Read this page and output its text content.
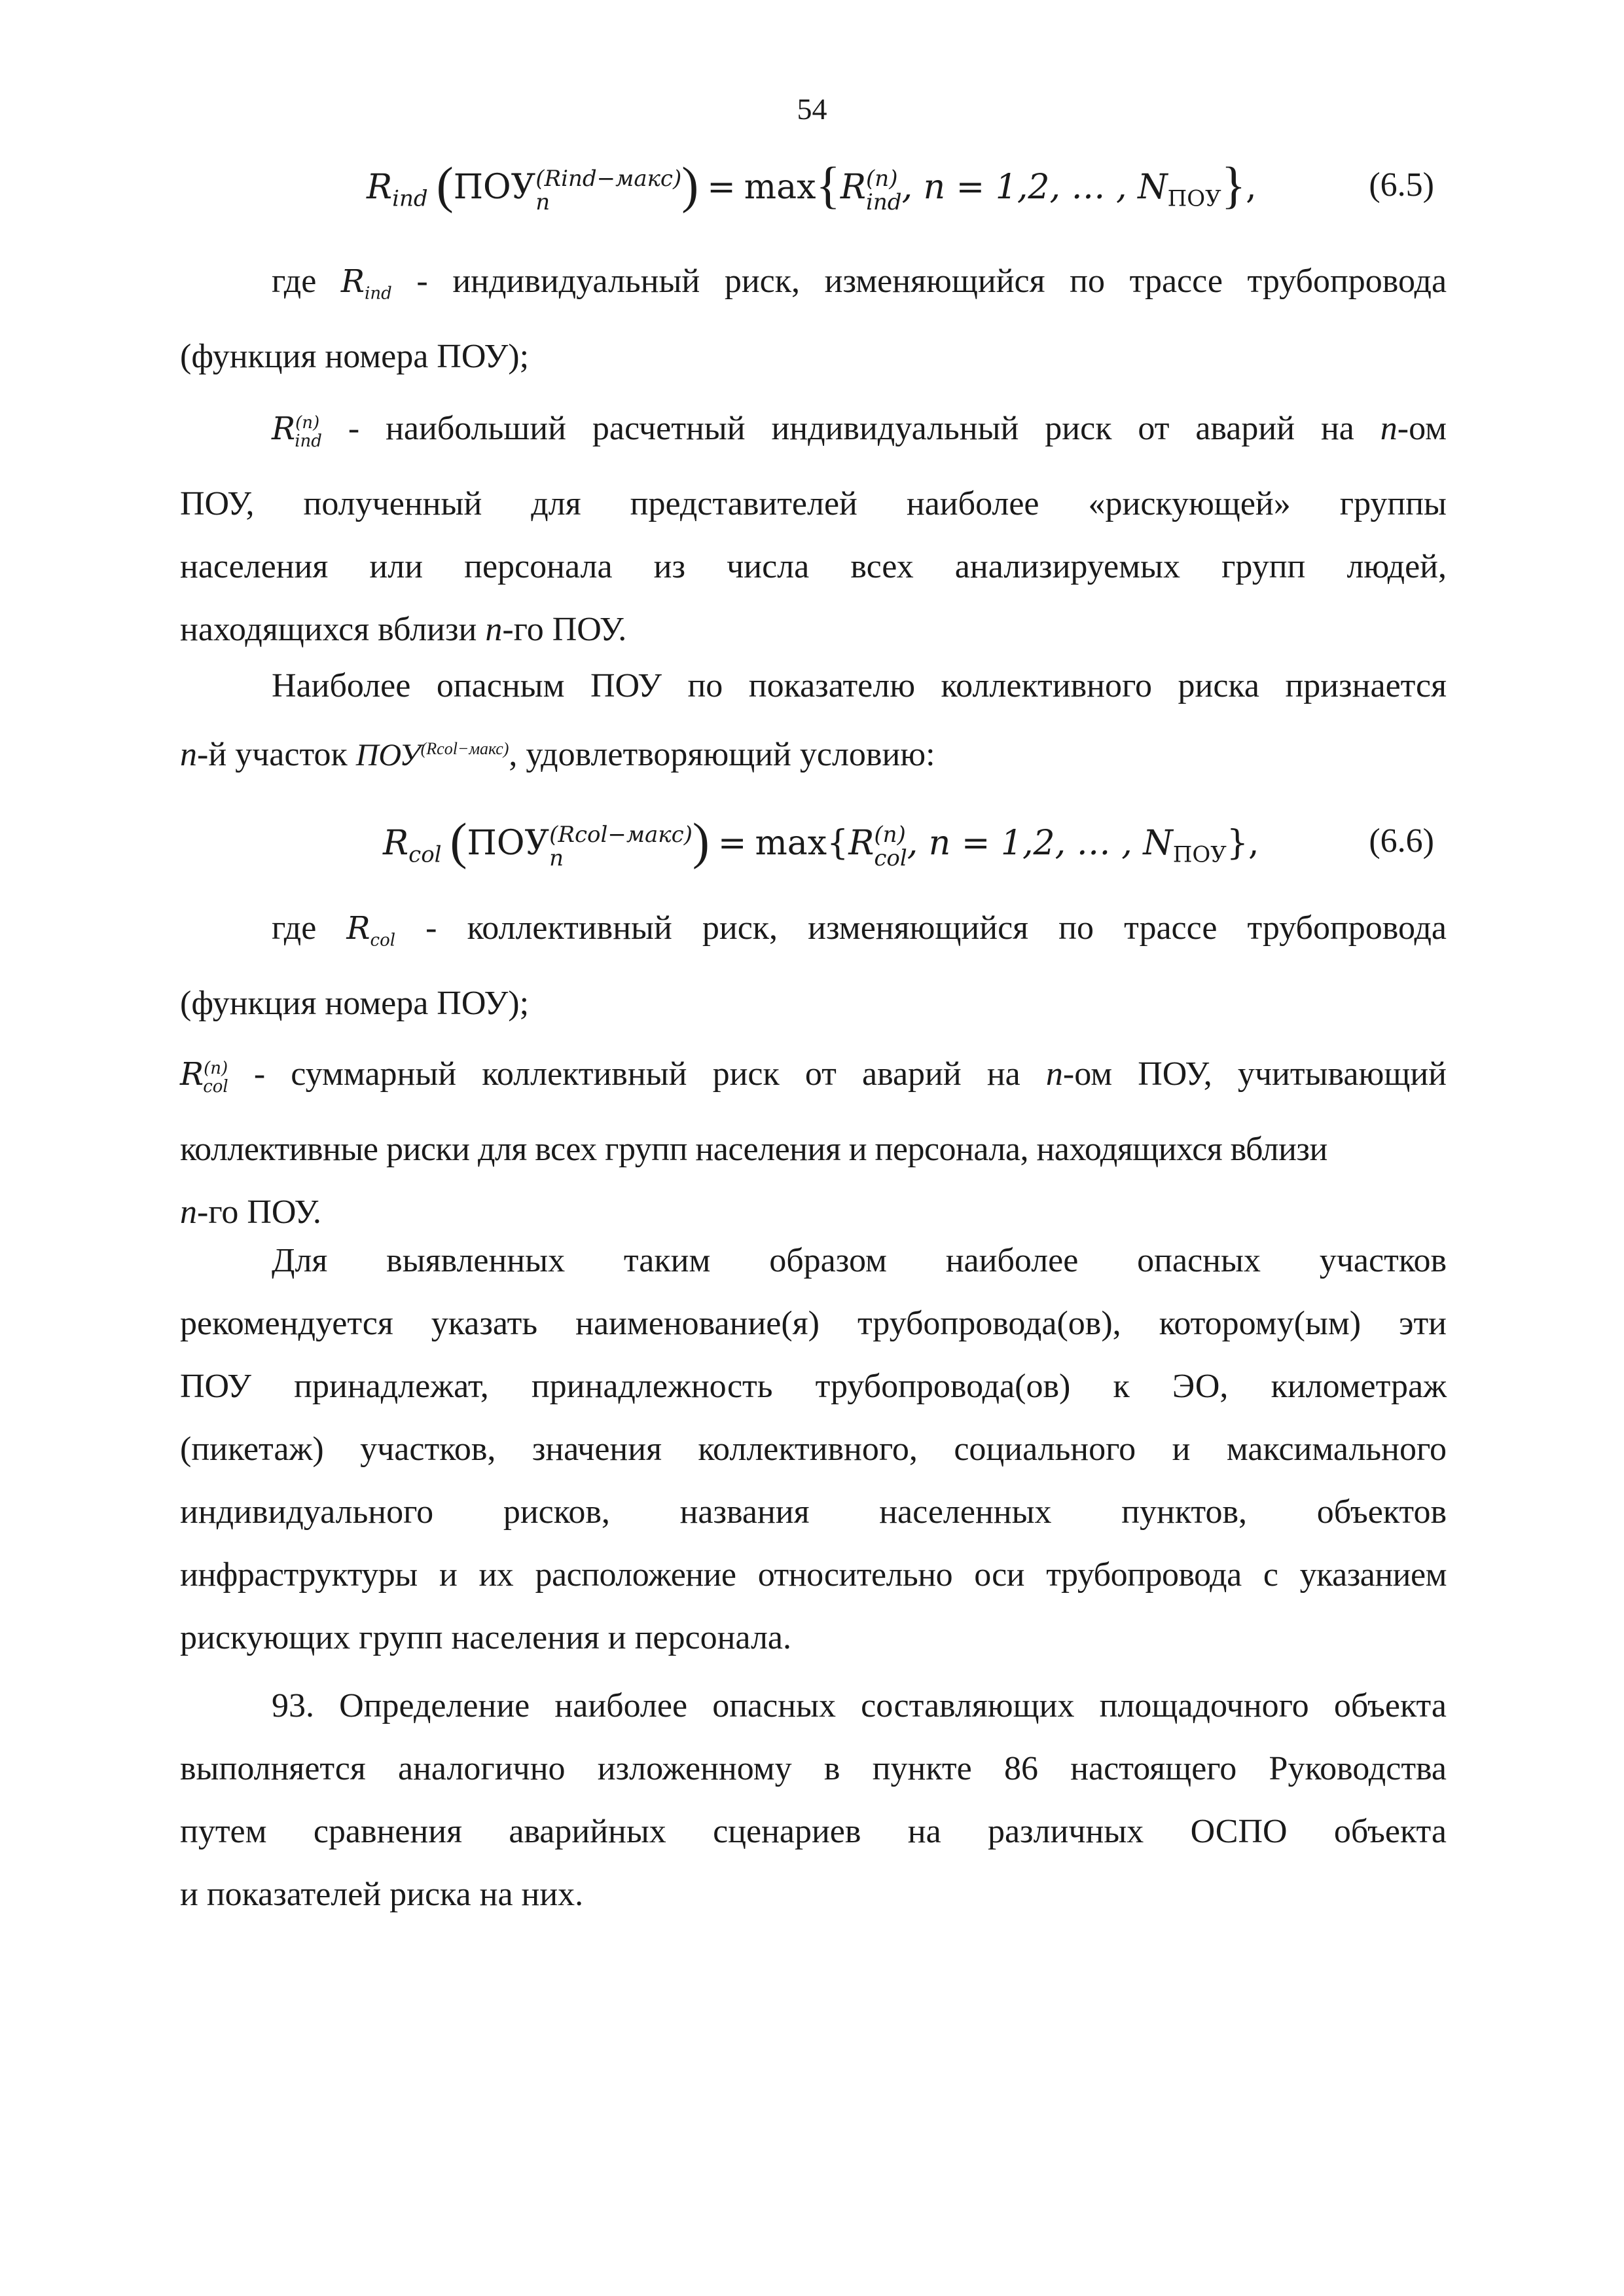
54
$R_{ind}$ (ПОУ (Rind−макс)
n	) = max{R (n)
ind , n = 1,2, … , $N_{ПОУ}$},	(6.5)
где $R_{ind}$ - индивидуальный риск, изменяющийся по трассе трубопровода
(функция номера ПОУ);
$R^{(n)}_{ind}$ - наибольший расчетный индивидуальный риск от аварий на n-ом
ПОУ, полученный для представителей наиболее «рискующей» группы
населения или персонала из числа всех анализируемых групп людей,
находящихся вблизи n-го ПОУ.
Наиболее опасным ПОУ по показателю коллективного риска признается
n-й участок $ПОУ^{(Rcol-макс)}$, удовлетворяющий условию:
$R_{col}$ (ПОУ (Rcol−макс)
n	) = max{R (n)
col , n = 1,2, … , $N_{ПОУ}$},	(6.6)
где $R_{col}$ - коллективный риск, изменяющийся по трассе трубопровода
(функция номера ПОУ);
$R^{(n)}_{col}$ - суммарный коллективный риск от аварий на n-ом ПОУ, учитывающий
коллективные риски для всех групп населения и персонала, находящихся вблизи
n-го ПОУ.
Для выявленных таким образом наиболее опасных участков
рекомендуется указать наименование(я) трубопровода(ов), которому(ым) эти
ПОУ принадлежат, принадлежность трубопровода(ов) к ЭО, километраж
(пикетаж) участков, значения коллективного, социального и максимального
индивидуального рисков, названия населенных пунктов, объектов
инфраструктуры и их расположение относительно оси трубопровода с указанием
рискующих групп населения и персонала.
93. Определение наиболее опасных составляющих площадочного объекта
выполняется аналогично изложенному в пункте 86 настоящего Руководства
путем сравнения аварийных сценариев на различных ОСПО объекта
и показателей риска на них.
